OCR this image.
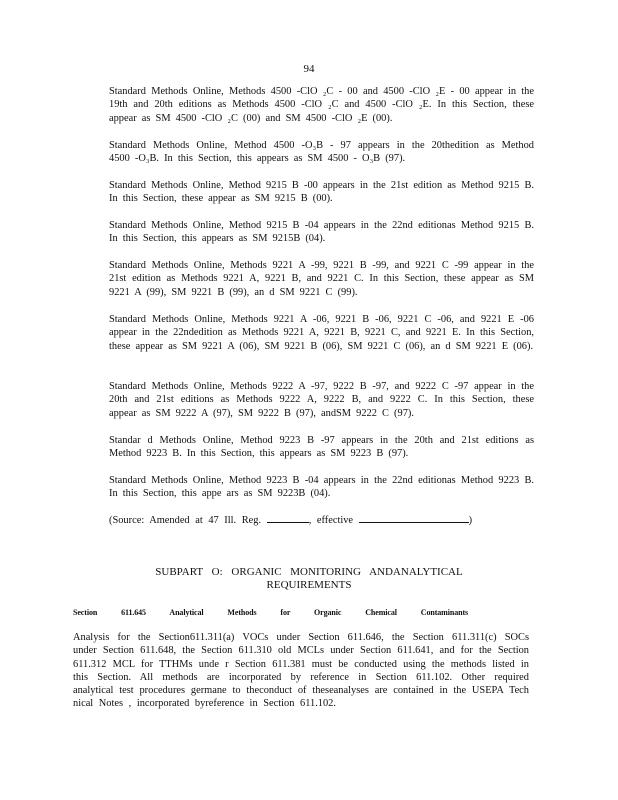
94
Standard Methods Online, Methods 4500 -ClO ₂C - 00 and 4500 -ClO ₂E - 00 appear in the 19th and 20th editions as Methods 4500 -ClO ₂C and 4500 -ClO ₂E. In this Section, these appear as SM 4500 -ClO ₂C (00) and SM 4500 -ClO ₂E (00).
Standard Methods Online, Method 4500 -O₃B - 97 appears in the 20thedition as Method 4500 -O₃B. In this Section, this appears as SM 4500 - O₃B (97).
Standard Methods Online, Method 9215 B -00 appears in the 21st edition as Method 9215 B. In this Section, these appear as SM 9215 B (00).
Standard Methods Online, Method 9215 B -04 appears in the 22nd editionas Method 9215 B. In this Section, this appears as SM 9215B (04).
Standard Methods Online, Methods 9221 A -99, 9221 B -99, and 9221 C -99 appear in the 21st edition as Methods 9221 A, 9221 B, and 9221 C. In this Section, these appear as SM 9221 A (99), SM 9221 B (99), an d SM 9221 C (99).
Standard Methods Online, Methods 9221 A -06, 9221 B -06, 9221 C -06, and 9221 E -06 appear in the 22ndedition as Methods 9221 A, 9221 B, 9221 C, and 9221 E. In this Section, these appear as SM 9221 A (06), SM 9221 B (06), SM 9221 C (06), an d SM 9221 E (06).
Standard Methods Online, Methods 9222 A -97, 9222 B -97, and 9222 C -97 appear in the 20th and 21st editions as Methods 9222 A, 9222 B, and 9222 C. In this Section, these appear as SM 9222 A (97), SM 9222 B (97), andSM 9222 C (97).
Standar d Methods Online, Method 9223 B -97 appears in the 20th and 21st editions as Method 9223 B. In this Section, this appears as SM 9223 B (97).
Standard Methods Online, Method 9223 B -04 appears in the 22nd editionas Method 9223 B. In this Section, this appe ars as SM 9223B (04).
(Source: Amended at 47 Ill. Reg.	, effective	)
SUBPART O: ORGANIC MONITORING ANDANALYTICAL
REQUIREMENTS
Section 611.645 Analytical Methods for Organic Chemical Contaminants
Analysis for the Section611.311(a) VOCs under Section 611.646, the Section 611.311(c) SOCs under Section 611.648, the Section 611.310 old MCLs under Section 611.641, and for the Section 611.312 MCL for TTHMs unde r Section 611.381 must be conducted using the methods listed in this Section. All methods are incorporated by reference in Section 611.102. Other required analytical test procedures germane to theconduct of theseanalyses are contained in the USEPA Tech nical Notes , incorporated byreference in Section 611.102.
